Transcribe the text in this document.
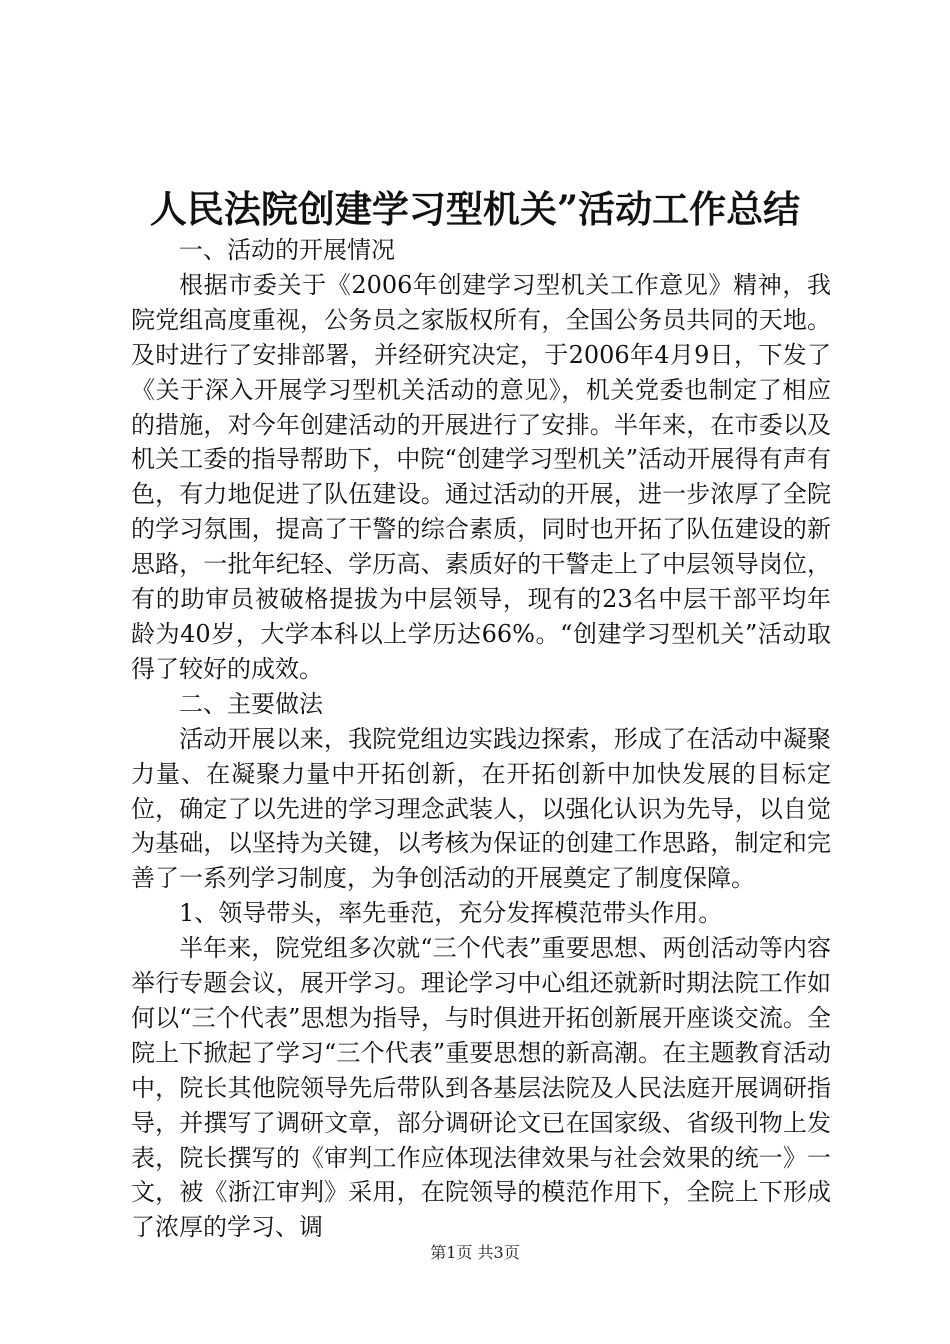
人民法院创建学习型机关”活动工作总结

一、活动的开展情况

根据市委关于《2006年创建学习型机关工作意见》精神，我院党组高度重视，公务员之家版权所有，全国公务员共同的天地。及时进行了安排部署，并经研究决定，于2006年4月9日，下发了《关于深入开展学习型机关活动的意见》，机关党委也制定了相应的措施，对今年创建活动的开展进行了安排。半年来，在市委以及机关工委的指导帮助下，中院“创建学习型机关”活动开展得有声有色，有力地促进了队伍建设。通过活动的开展，进一步浓厚了全院的学习氛围，提高了干警的综合素质，同时也开拓了队伍建设的新思路，一批年纪轻、学历高、素质好的干警走上了中层领导岗位，有的助审员被破格提拔为中层领导，现有的23名中层干部平均年龄为40岁，大学本科以上学历达66%。“创建学习型机关”活动取得了较好的成效。

二、主要做法

活动开展以来，我院党组边实践边探索，形成了在活动中凝聚力量、在凝聚力量中开拓创新，在开拓创新中加快发展的目标定位，确定了以先进的学习理念武装人，以强化认识为先导，以自觉为基础，以坚持为关键，以考核为保证的创建工作思路，制定和完善了一系列学习制度，为争创活动的开展奠定了制度保障。

1、领导带头，率先垂范，充分发挥模范带头作用。

半年来，院党组多次就“三个代表”重要思想、两创活动等内容举行专题会议，展开学习。理论学习中心组还就新时期法院工作如何以“三个代表”思想为指导，与时俱进开拓创新展开座谈交流。全院上下掀起了学习“三个代表”重要思想的新高潮。在主题教育活动中，院长其他院领导先后带队到各基层法院及人民法庭开展调研指导，并撰写了调研文章，部分调研论文已在国家级、省级刊物上发表，院长撰写的《审判工作应体现法律效果与社会效果的统一》一文，被《浙江审判》采用，在院领导的模范作用下，全院上下形成了浓厚的学习、调

第1页 共3页
